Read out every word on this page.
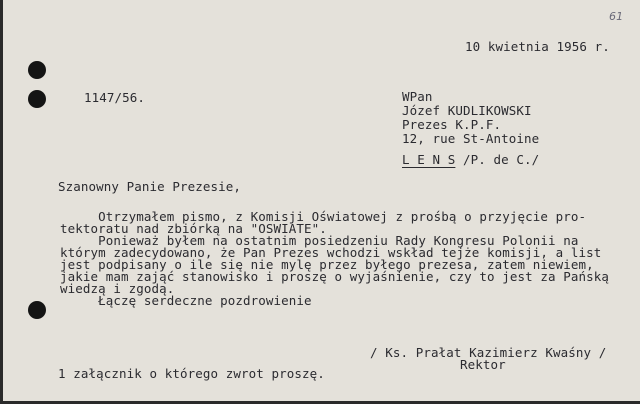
61
10 kwietnia 1956 r.
1147/56.	WPan
Józef KUDLIKOWSKI
Prezes K.P.F.
12, rue St-Antoine
L E N S /P. de C./
Szanowny Panie Prezesie,
Otrzymałem pismo, z Komisji Oświatowej z prośbą o przyjęcie pro-
tektoratu nad zbiórką na "OSWIATE".
Ponieważ byłem na ostatnim posiedzeniu Rady Kongresu Polonii na
którym zadecydowano, że Pan Prezes wchodzi wskład tejże komisji, a list
jest podpisany o ile się nie mylę przez byłego prezesa, zatem niewiem,
jakie mam zająć stanowisko i proszę o wyjaśnienie, czy to jest za Pańską
wiedzą i zgodą.
Łączę serdeczne pozdrowienie
/ Ks. Prałat Kazimierz Kwaśny /
Rektor
1 załącznik o którego zwrot proszę.
